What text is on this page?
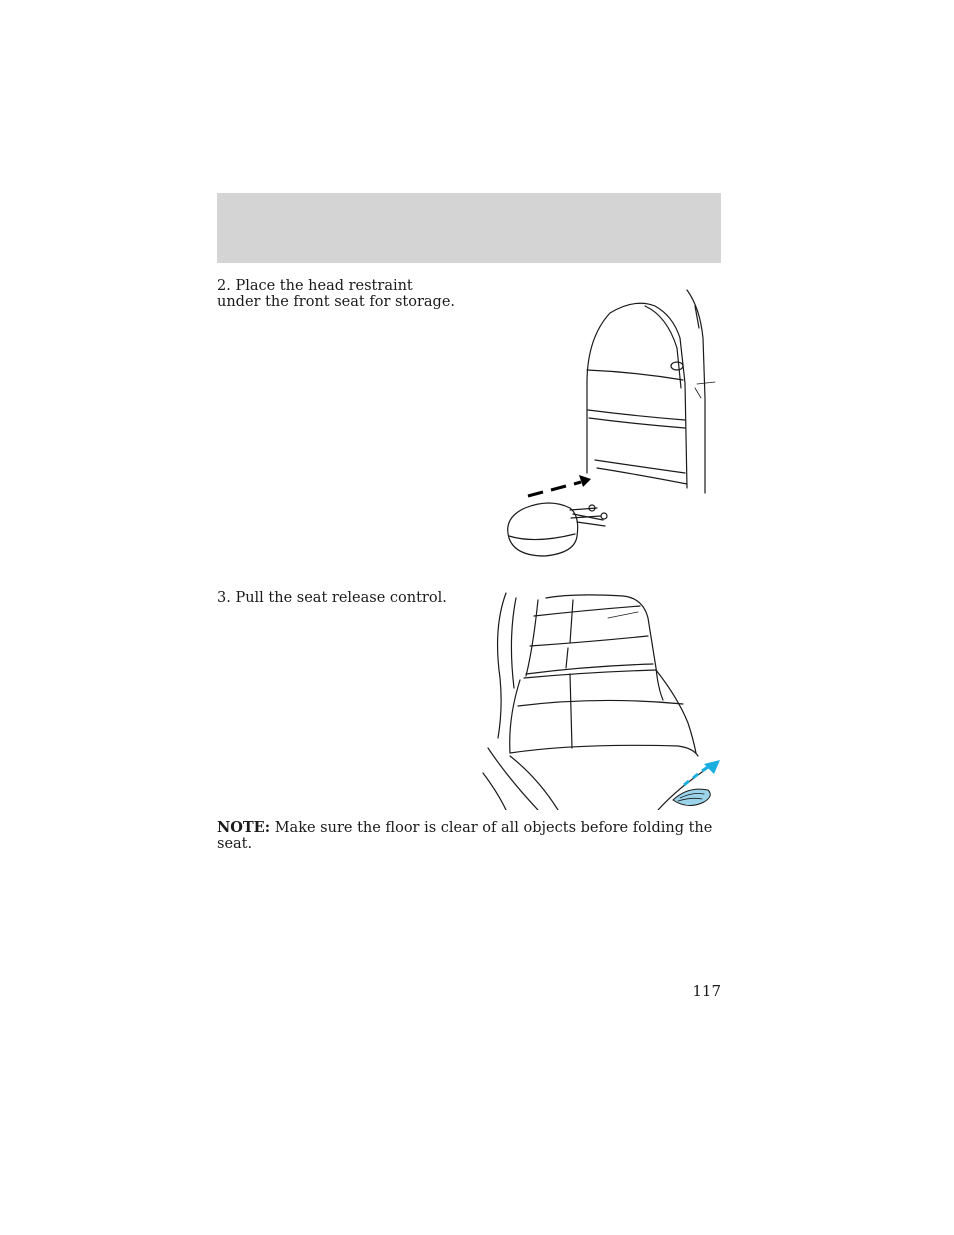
2. Place the head restraint under the front seat for storage.

3. Pull the seat release control.

NOTE: Make sure the floor is clear of all objects before folding the seat.

117
